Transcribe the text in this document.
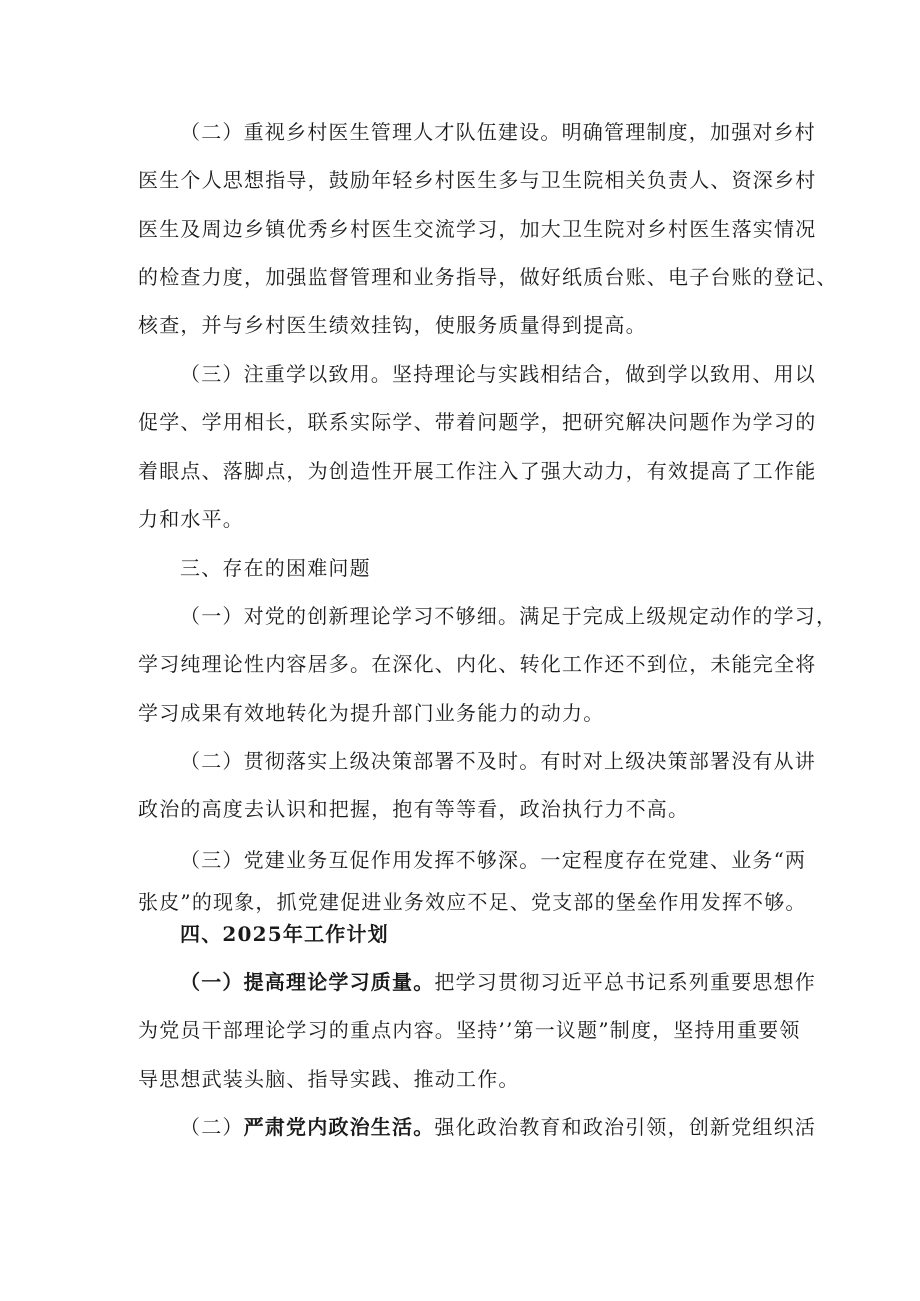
（二）重视乡村医生管理人才队伍建设。明确管理制度，加强对乡村
医生个人思想指导，鼓励年轻乡村医生多与卫生院相关负责人、资深乡村
医生及周边乡镇优秀乡村医生交流学习，加大卫生院对乡村医生落实情况
的检查力度，加强监督管理和业务指导，做好纸质台账、电子台账的登记、
核查，并与乡村医生绩效挂钩，使服务质量得到提高。
（三）注重学以致用。坚持理论与实践相结合，做到学以致用、用以
促学、学用相长，联系实际学、带着问题学，把研究解决问题作为学习的
着眼点、落脚点，为创造性开展工作注入了强大动力，有效提高了工作能
力和水平。
三、存在的困难问题
（一）对党的创新理论学习不够细。满足于完成上级规定动作的学习，
学习纯理论性内容居多。在深化、内化、转化工作还不到位，未能完全将
学习成果有效地转化为提升部门业务能力的动力。
（二）贯彻落实上级决策部署不及时。有时对上级决策部署没有从讲
政治的高度去认识和把握，抱有等等看，政治执行力不高。
（三）党建业务互促作用发挥不够深。一定程度存在党建、业务“两
张皮”的现象，抓党建促进业务效应不足、党支部的堡垒作用发挥不够。
四、2025年工作计划
（一）提高理论学习质量。把学习贯彻习近平总书记系列重要思想作
为党员干部理论学习的重点内容。坚持’’第一议题”制度，坚持用重要领
导思想武装头脑、指导实践、推动工作。
（二）严肃党内政治生活。强化政治教育和政治引领，创新党组织活
